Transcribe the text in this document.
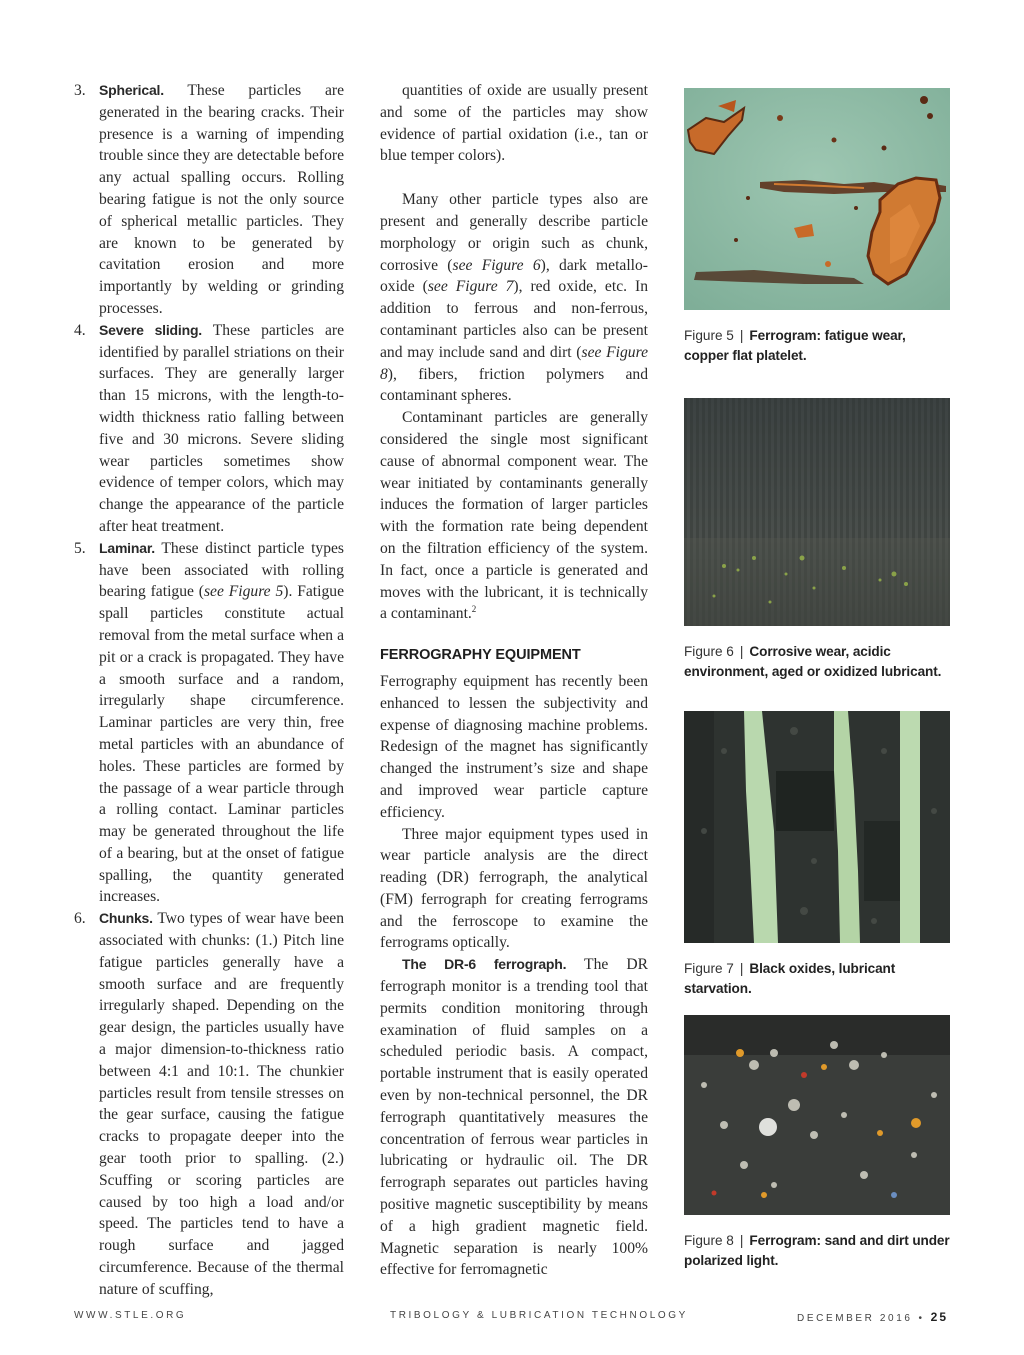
3. Spherical. These particles are generated in the bearing cracks. Their presence is a warning of impending trouble since they are detectable before any actual spalling occurs. Rolling bearing fatigue is not the only source of spherical metallic particles. They are known to be generated by cavitation erosion and more importantly by welding or grinding processes.
4. Severe sliding. These particles are identified by parallel striations on their surfaces. They are generally larger than 15 microns, with the length-to-width thickness ratio falling between five and 30 microns. Severe sliding wear particles sometimes show evidence of temper colors, which may change the appearance of the particle after heat treatment.
5. Laminar. These distinct particle types have been associated with rolling bearing fatigue (see Figure 5). Fatigue spall particles constitute actual removal from the metal surface when a pit or a crack is propagated. They have a smooth surface and a random, irregularly shape circumference. Laminar particles are very thin, free metal particles with an abundance of holes. These particles are formed by the passage of a wear particle through a rolling contact. Laminar particles may be generated throughout the life of a bearing, but at the onset of fatigue spalling, the quantity generated increases.
6. Chunks. Two types of wear have been associated with chunks: (1.) Pitch line fatigue particles generally have a smooth surface and are frequently irregularly shaped. Depending on the gear design, the particles usually have a major dimension-to-thickness ratio between 4:1 and 10:1. The chunkier particles result from tensile stresses on the gear surface, causing the fatigue cracks to propagate deeper into the gear tooth prior to spalling. (2.) Scuffing or scoring particles are caused by too high a load and/or speed. The particles tend to have a rough surface and jagged circumference. Because of the thermal nature of scuffing,

quantities of oxide are usually present and some of the particles may show evidence of partial oxidation (i.e., tan or blue temper colors).

Many other particle types also are present and generally describe particle morphology or origin such as chunk, corrosive (see Figure 6), dark metallo-oxide (see Figure 7), red oxide, etc. In addition to ferrous and non-ferrous, contaminant particles also can be present and may include sand and dirt (see Figure 8), fibers, friction polymers and contaminant spheres.

Contaminant particles are generally considered the single most significant cause of abnormal component wear. The wear initiated by contaminants generally induces the formation of larger particles with the formation rate being dependent on the filtration efficiency of the system. In fact, once a particle is generated and moves with the lubricant, it is technically a contaminant.$^2$

FERROGRAPHY EQUIPMENT

Ferrography equipment has recently been enhanced to lessen the subjectivity and expense of diagnosing machine problems. Redesign of the magnet has significantly changed the instrument’s size and shape and improved wear particle capture efficiency.

Three major equipment types used in wear particle analysis are the direct reading (DR) ferrograph, the analytical (FM) ferrograph for creating ferrograms and the ferroscope to examine the ferrograms optically.

The DR-6 ferrograph. The DR ferrograph monitor is a trending tool that permits condition monitoring through examination of fluid samples on a scheduled periodic basis. A compact, portable instrument that is easily operated even by non-technical personnel, the DR ferrograph quantitatively measures the concentration of ferrous wear particles in lubricating or hydraulic oil. The DR ferrograph separates out particles having positive magnetic susceptibility by means of a high gradient magnetic field. Magnetic separation is nearly 100% effective for ferromagnetic

Figure 5 | Ferrogram: fatigue wear, copper flat platelet.
Figure 6 | Corrosive wear, acidic environment, aged or oxidized lubricant.
Figure 7 | Black oxides, lubricant starvation.
Figure 8 | Ferrogram: sand and dirt under polarized light.
WWW.STLE.ORG	TRIBOLOGY & LUBRICATION TECHNOLOGY	DECEMBER 2016 • 25
